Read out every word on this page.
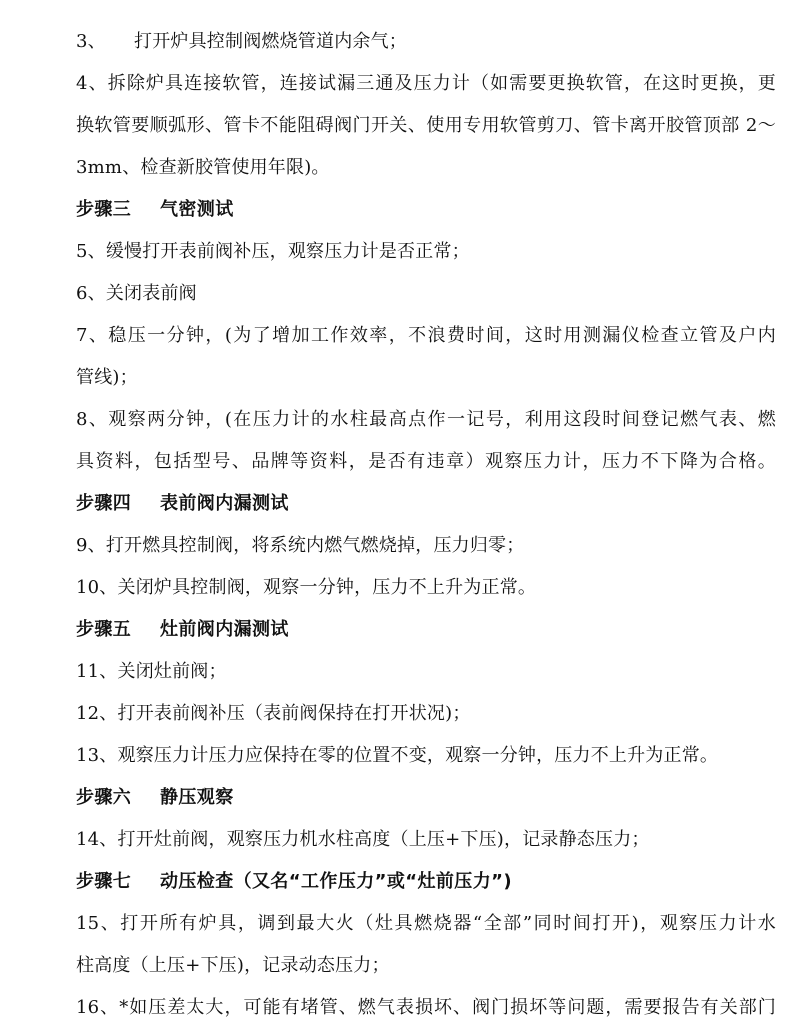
3、 打开炉具控制阀燃烧管道内余气；
4、拆除炉具连接软管，连接试漏三通及压力计（如需要更换软管，在这时更换，更
换软管要顺弧形、管卡不能阻碍阀门开关、使用专用软管剪刀、管卡离开胶管顶部 2～
3mm、检查新胶管使用年限)。
步骤三 气密测试
5、缓慢打开表前阀补压，观察压力计是否正常；
6、关闭表前阀
7、稳压一分钟，(为了增加工作效率，不浪费时间，这时用测漏仪检查立管及户内
管线)；
8、观察两分钟，(在压力计的水柱最高点作一记号，利用这段时间登记燃气表、燃
具资料，包括型号、品牌等资料，是否有违章）观察压力计，压力不下降为合格。
步骤四 表前阀内漏测试
9、打开燃具控制阀，将系统内燃气燃烧掉，压力归零；
10、关闭炉具控制阀，观察一分钟，压力不上升为正常。
步骤五 灶前阀内漏测试
11、关闭灶前阀；
12、打开表前阀补压（表前阀保持在打开状况)；
13、观察压力计压力应保持在零的位置不变，观察一分钟，压力不上升为正常。
步骤六 静压观察
14、打开灶前阀，观察压力机水柱高度（上压+下压)，记录静态压力；
步骤七 动压检查（又名“工作压力”或“灶前压力”)
15、打开所有炉具，调到最大火（灶具燃烧器“全部”同时间打开)，观察压力计水
柱高度（上压+下压)，记录动态压力；
16、*如压差太大，可能有堵管、燃气表损坏、阀门损坏等问题，需要报告有关部门
